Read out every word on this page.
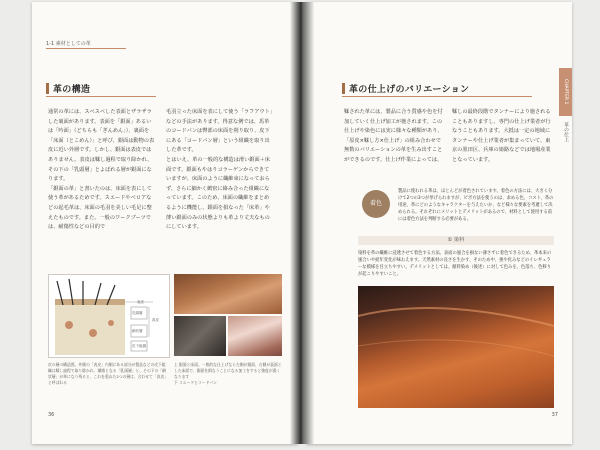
1-1 素材としての革
革の構造
通常の革には、スベスベした表面とザラザラした裏面があります。表面を「銀面」あるいは「吟面」（どちらも「ぎんめん」）、裏面を「床面（とこめん）」と呼び、銀面は動物の表皮に近い外層です。しかし、銀面は表皮ではありません。表皮は鞣し過程で取り除かれ、その下の「乳頭層」とよばれる層が銀面になります。
「銀面の革」と書いたのは、床面を表にして使う革があるためです。スエードやベロアなどの起毛革は、床面の毛羽を美しい毛足に整えたものです。また、一般のワークブーツでは、耐傷性などの目的で
毛羽立った床面を表にして使う「ラフアウト」などの手法があります。得意な例では、馬革のコードバンは臀部の床面を削り取り、皮下にある「コードバン層」という組織を取り出した革です。
とはいえ、革の一般的な構造は滑い銀面＋床面です。銀面もやはりコラーゲンからできていますが、床面のように繊維束になっておらず、さらに細かく緻密に絡み合った組織になっています。このため、床面の繊維をまとめるように機能し、銀面を損なった「床革」や薄い銀面のみの状態よりも革より丈夫なものにしています。
表皮
乳頭層
網状層
真皮
皮下組織
皮の層の構造図。外側の「表皮」内側にある部分が製品などの皮下組織は鞣し過程で取り除かれ、繊維となる「乳頭層」と、その下の「網状層」が革になり残ると、これを重ねた2つの層は、合わせて「真皮」と呼ばれる
上 銀面と床面。一般的な仕上げなら左側が銀面、右側が裏面とした床面で、銀面を損なうことになる加工をすると強度が弱くなります
下 スエードとコードバン
36
革の仕上げのバリエーション
鞣された革には、製品に合う質感や色を付加していく仕上げ加工が施されます。この仕上げや染色には実に様々な種類があり、「原皮×鞣し方×仕上げ」の組み合わせで無数のバリエーションの革を生み出すことができるのです。仕上げ作業によっては、
鞣しの最終段階でタンナーにより施されることもありますし、専門の仕上げ業者が行なうこともあります。大抵は一定の地域にタンナーや仕上げ業者が集まっていて、東京の墨田区、兵庫の姫路などでは地場産業となっています。
CHAPTER 1
革の仕上
着色
製品に使われる革は、ほとんどが着色されています。着色の方法には、大きく分けて2つの3つが挙げられますが、ビボ方法を使うのは、求める色、コスト、革の用途、革にどのようなキャラクターを与えたいか、など様々な要素を考慮して決められる。それぞれにメリットとデメリットがあるので、材料として使用する前には着色方法を判断する必要がある。
① 染料
染料を革の繊維に浸透させて着色する方法。表面の風合を損ない薄さずに着色できるため、革本来の風合いや経年変化が味わえます。天然素材の良さを生かす、そのため中、強や化みなどのイレギュラーな模様を目立ちやすい。デメリットとしては、顔料染め（後述）に対して色みを、色落ち、色移りが起こりやすいこと。
37
